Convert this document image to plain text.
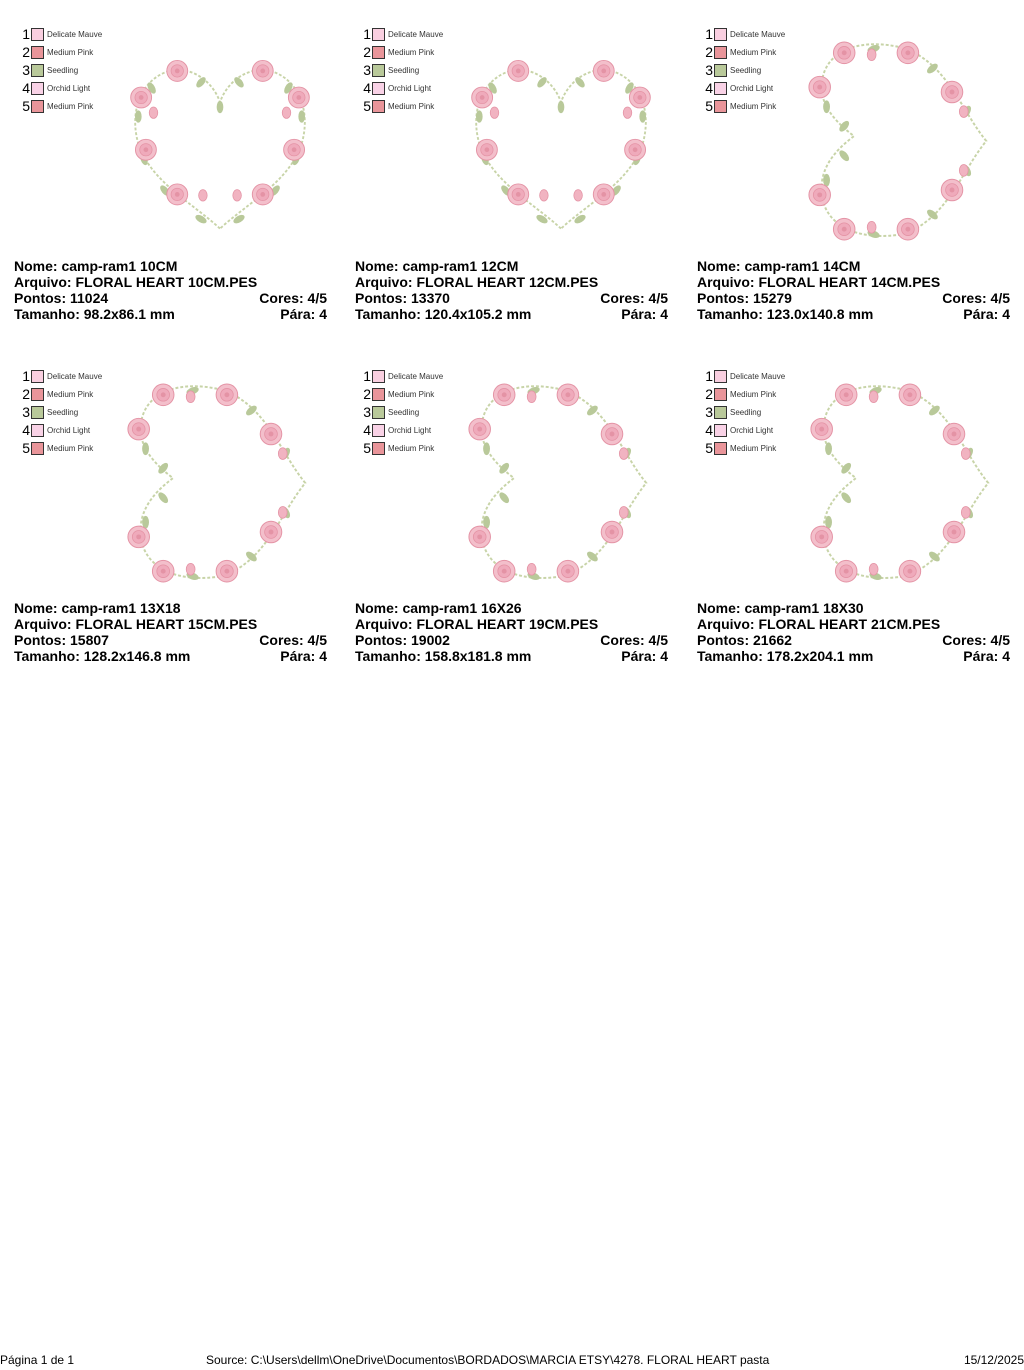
1 Delicate Mauve
2 Medium Pink
3 Seedling
4 Orchid Light
5 Medium Pink
Nome: camp-ram1 10CM
Arquivo: FLORAL HEART 10CM.PES
Pontos: 11024	Cores: 4/5
Tamanho: 98.2x86.1 mm	Pára: 4
1 Delicate Mauve
2 Medium Pink
3 Seedling
4 Orchid Light
5 Medium Pink
Nome: camp-ram1 12CM
Arquivo: FLORAL HEART 12CM.PES
Pontos: 13370	Cores: 4/5
Tamanho: 120.4x105.2 mm	Pára: 4
1 Delicate Mauve
2 Medium Pink
3 Seedling
4 Orchid Light
5 Medium Pink
Nome: camp-ram1 14CM
Arquivo: FLORAL HEART 14CM.PES
Pontos: 15279	Cores: 4/5
Tamanho: 123.0x140.8 mm	Pára: 4
1 Delicate Mauve
2 Medium Pink
3 Seedling
4 Orchid Light
5 Medium Pink
Nome: camp-ram1 13X18
Arquivo: FLORAL HEART 15CM.PES
Pontos: 15807	Cores: 4/5
Tamanho: 128.2x146.8 mm	Pára: 4
1 Delicate Mauve
2 Medium Pink
3 Seedling
4 Orchid Light
5 Medium Pink
Nome: camp-ram1 16X26
Arquivo: FLORAL HEART 19CM.PES
Pontos: 19002	Cores: 4/5
Tamanho: 158.8x181.8 mm	Pára: 4
1 Delicate Mauve
2 Medium Pink
3 Seedling
4 Orchid Light
5 Medium Pink
Nome: camp-ram1 18X30
Arquivo: FLORAL HEART 21CM.PES
Pontos: 21662	Cores: 4/5
Tamanho: 178.2x204.1 mm	Pára: 4
Página 1 de 1	Source: C:\Users\dellm\OneDrive\Documentos\BORDADOS\MARCIA ETSY\4278. FLORAL HEART pasta	15/12/2025
